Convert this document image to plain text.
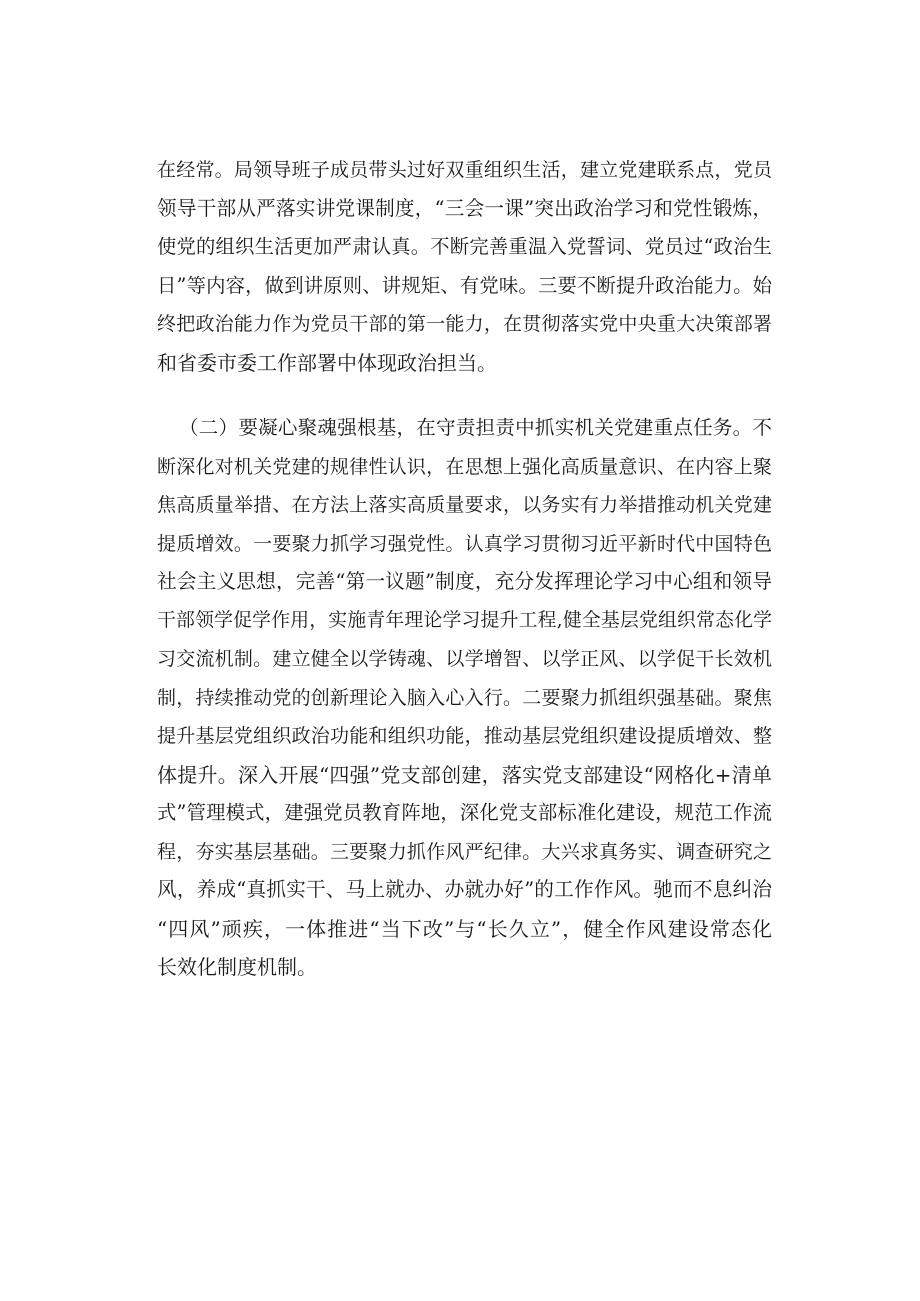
在经常。局领导班子成员带头过好双重组织生活，建立党建联系点，党员
领导干部从严落实讲党课制度，“三会一课”突出政治学习和党性锻炼，
使党的组织生活更加严肃认真。不断完善重温入党誓词、党员过“政治生
日”等内容，做到讲原则、讲规矩、有党味。三要不断提升政治能力。始
终把政治能力作为党员干部的第一能力，在贯彻落实党中央重大决策部署
和省委市委工作部署中体现政治担当。
（二）要凝心聚魂强根基，在守责担责中抓实机关党建重点任务。不
断深化对机关党建的规律性认识，在思想上强化高质量意识、在内容上聚
焦高质量举措、在方法上落实高质量要求，以务实有力举措推动机关党建
提质增效。一要聚力抓学习强党性。认真学习贯彻习近平新时代中国特色
社会主义思想，完善“第一议题”制度，充分发挥理论学习中心组和领导
干部领学促学作用，实施青年理论学习提升工程,健全基层党组织常态化学
习交流机制。建立健全以学铸魂、以学增智、以学正风、以学促干长效机
制，持续推动党的创新理论入脑入心入行。二要聚力抓组织强基础。聚焦
提升基层党组织政治功能和组织功能，推动基层党组织建设提质增效、整
体提升。深入开展“四强”党支部创建，落实党支部建设“网格化+清单
式”管理模式，建强党员教育阵地，深化党支部标准化建设，规范工作流
程，夯实基层基础。三要聚力抓作风严纪律。大兴求真务实、调查研究之
风，养成“真抓实干、马上就办、办就办好”的工作作风。驰而不息纠治
“四风”顽疾，一体推进“当下改”与“长久立”，健全作风建设常态化
长效化制度机制。
